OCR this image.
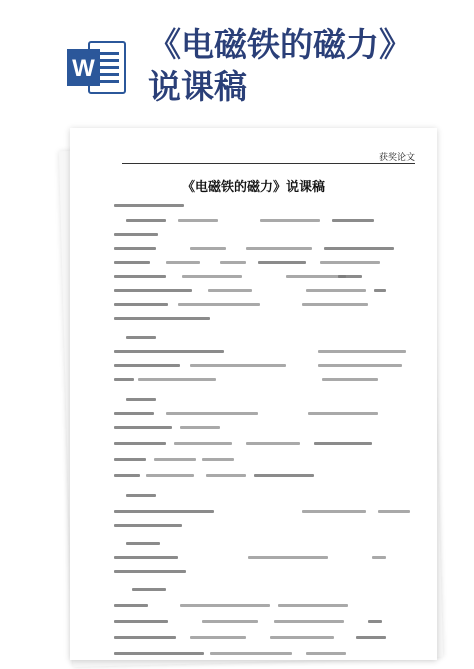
W
《电磁铁的磁力》
说课稿
获奖论文
《电磁铁的磁力》说课稿
